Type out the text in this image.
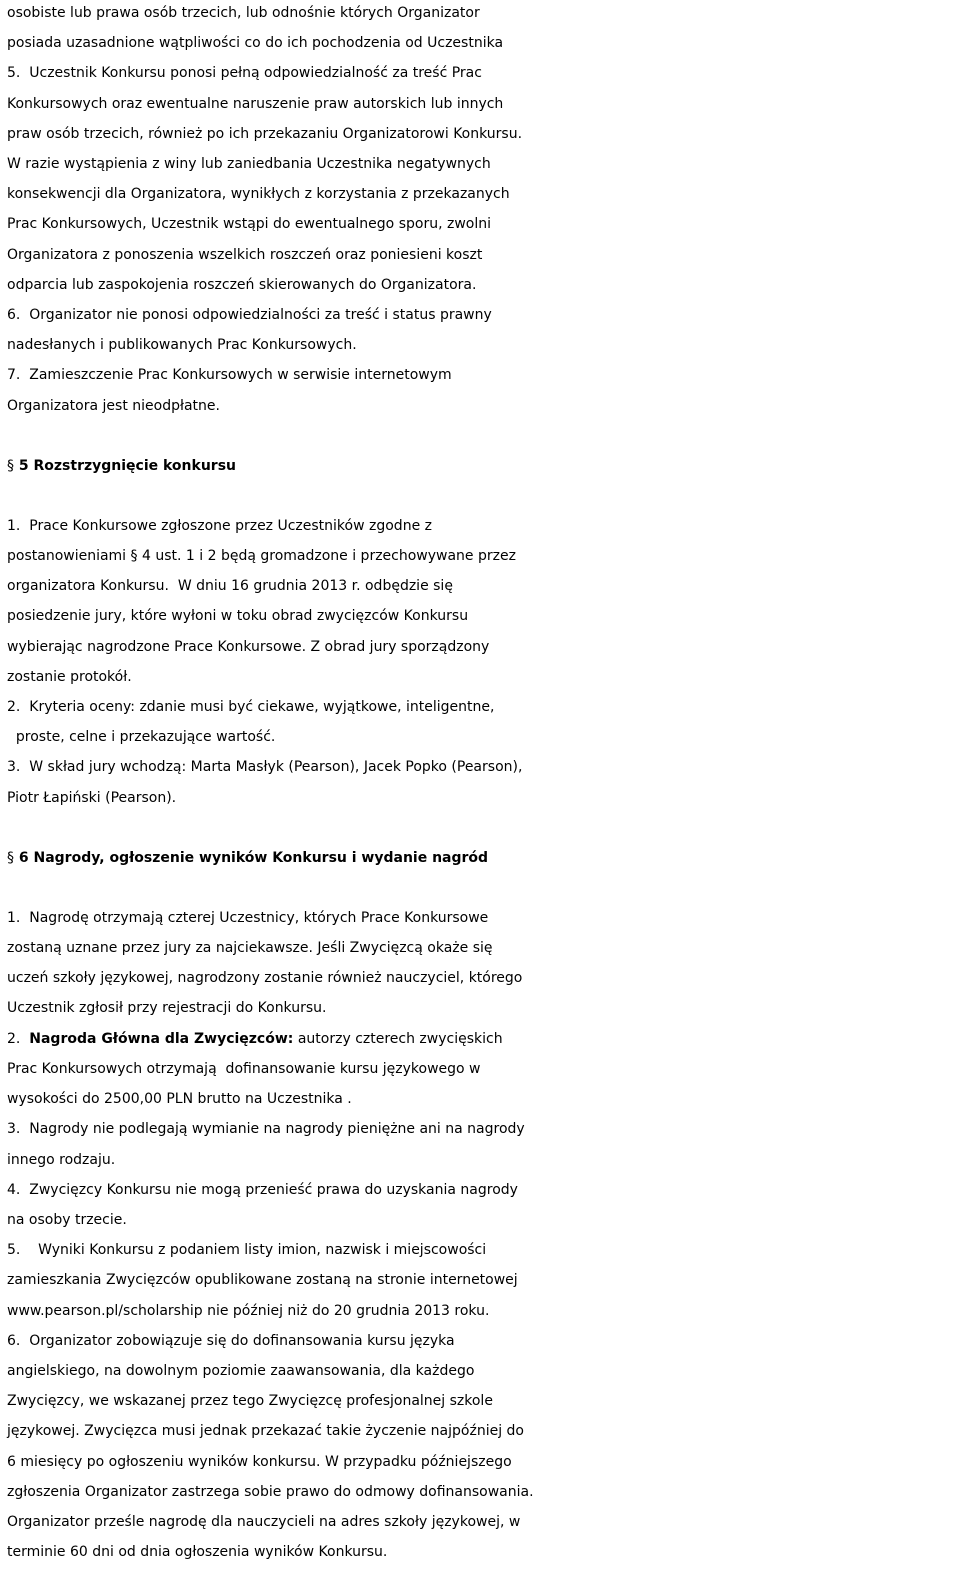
osobiste lub prawa osób trzecich, lub odnośnie których Organizator
posiada uzasadnione wątpliwości co do ich pochodzenia od Uczestnika
5.  Uczestnik Konkursu ponosi pełną odpowiedzialność za treść Prac
Konkursowych oraz ewentualne naruszenie praw autorskich lub innych
praw osób trzecich, również po ich przekazaniu Organizatorowi Konkursu.
W razie wystąpienia z winy lub zaniedbania Uczestnika negatywnych
konsekwencji dla Organizatora, wynikłych z korzystania z przekazanych
Prac Konkursowych, Uczestnik wstąpi do ewentualnego sporu, zwolni
Organizatora z ponoszenia wszelkich roszczeń oraz poniesieni koszt
odparcia lub zaspokojenia roszczeń skierowanych do Organizatora.
6.  Organizator nie ponosi odpowiedzialności za treść i status prawny
nadesłanych i publikowanych Prac Konkursowych.
7.  Zamieszczenie Prac Konkursowych w serwisie internetowym
Organizatora jest nieodpłatne.

§ 5 Rozstrzygnięcie konkursu

1.  Prace Konkursowe zgłoszone przez Uczestników zgodne z
postanowieniami § 4 ust. 1 i 2 będą gromadzone i przechowywane przez
organizatora Konkursu.  W dniu 16 grudnia 2013 r. odbędzie się
posiedzenie jury, które wyłoni w toku obrad zwycięzców Konkursu
wybierając nagrodzone Prace Konkursowe. Z obrad jury sporządzony
zostanie protokół.
2.  Kryteria oceny: zdanie musi być ciekawe, wyjątkowe, inteligentne,
proste, celne i przekazujące wartość.
3.  W skład jury wchodzą: Marta Masłyk (Pearson), Jacek Popko (Pearson),
Piotr Łapiński (Pearson).

§ 6 Nagrody, ogłoszenie wyników Konkursu i wydanie nagród

1.  Nagrodę otrzymają czterej Uczestnicy, których Prace Konkursowe
zostaną uznane przez jury za najciekawsze. Jeśli Zwycięzcą okaże się
uczeń szkoły językowej, nagrodzony zostanie również nauczyciel, którego
Uczestnik zgłosił przy rejestracji do Konkursu.
2.  Nagroda Główna dla Zwycięzców: autorzy czterech zwycięskich
Prac Konkursowych otrzymają  dofinansowanie kursu językowego w
wysokości do 2500,00 PLN brutto na Uczestnika .
3.  Nagrody nie podlegają wymianie na nagrody pieniężne ani na nagrody
innego rodzaju.
4.  Zwycięzcy Konkursu nie mogą przenieść prawa do uzyskania nagrody
na osoby trzecie.
5.    Wyniki Konkursu z podaniem listy imion, nazwisk i miejscowości
zamieszkania Zwycięzców opublikowane zostaną na stronie internetowej
www.pearson.pl/scholarship nie później niż do 20 grudnia 2013 roku.
6.  Organizator zobowiązuje się do dofinansowania kursu języka
angielskiego, na dowolnym poziomie zaawansowania, dla każdego
Zwycięzcy, we wskazanej przez tego Zwycięzcę profesjonalnej szkole
językowej. Zwycięzca musi jednak przekazać takie życzenie najpóźniej do
6 miesięcy po ogłoszeniu wyników konkursu. W przypadku późniejszego
zgłoszenia Organizator zastrzega sobie prawo do odmowy dofinansowania.
Organizator prześle nagrodę dla nauczycieli na adres szkoły językowej, w
terminie 60 dni od dnia ogłoszenia wyników Konkursu.
